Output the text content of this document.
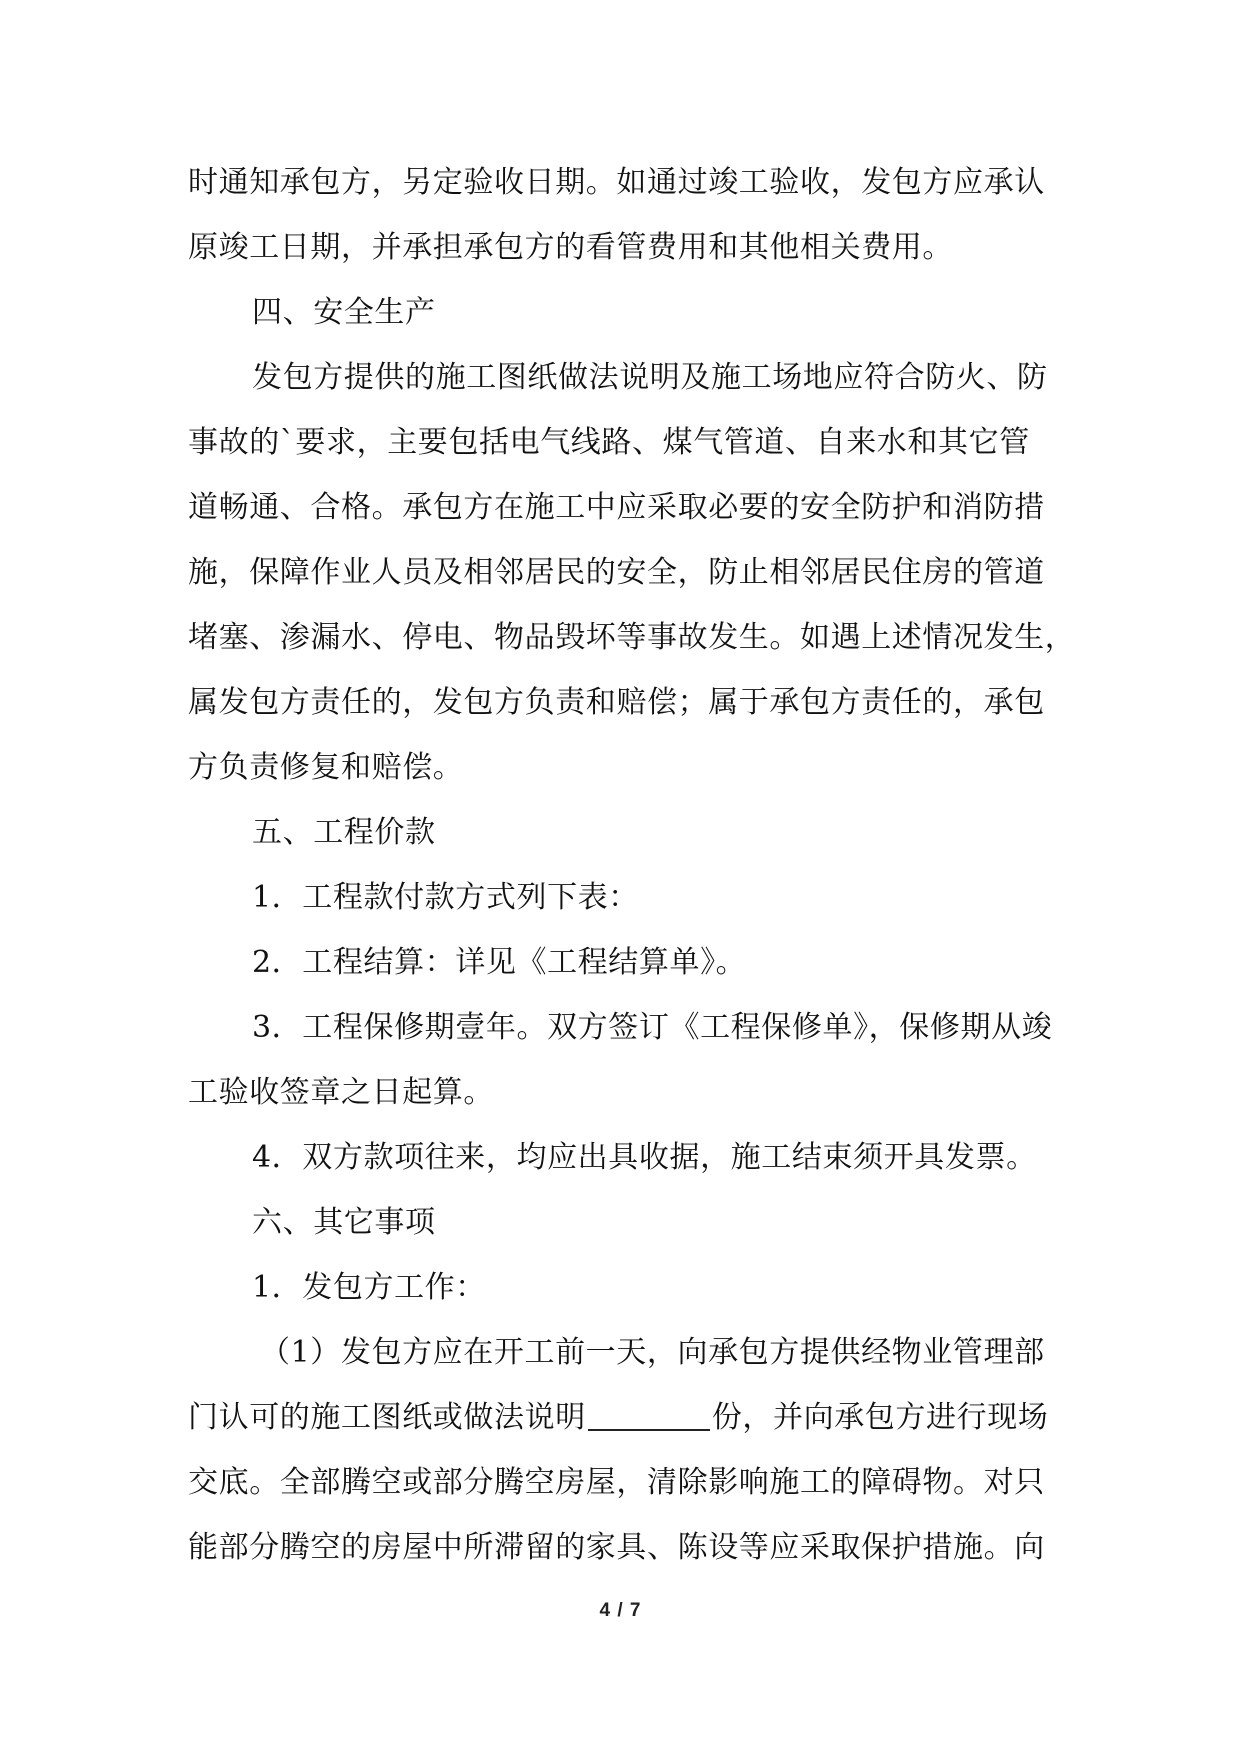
时通知承包方，另定验收日期。如通过竣工验收，发包方应承认
原竣工日期，并承担承包方的看管费用和其他相关费用。
四、安全生产
发包方提供的施工图纸做法说明及施工场地应符合防火、防
事故的`要求，主要包括电气线路、煤气管道、自来水和其它管
道畅通、合格。承包方在施工中应采取必要的安全防护和消防措
施，保障作业人员及相邻居民的安全，防止相邻居民住房的管道
堵塞、渗漏水、停电、物品毁坏等事故发生。如遇上述情况发生，
属发包方责任的，发包方负责和赔偿；属于承包方责任的，承包
方负责修复和赔偿。
五、工程价款
1．工程款付款方式列下表：
2．工程结算：详见《工程结算单》。
3．工程保修期壹年。双方签订《工程保修单》，保修期从竣
工验收签章之日起算。
4．双方款项往来，均应出具收据，施工结束须开具发票。
六、其它事项
1．发包方工作：
（1）发包方应在开工前一天，向承包方提供经物业管理部
门认可的施工图纸或做法说明	份，并向承包方进行现场
交底。全部腾空或部分腾空房屋，清除影响施工的障碍物。对只
能部分腾空的房屋中所滞留的家具、陈设等应采取保护措施。向
4 / 7
